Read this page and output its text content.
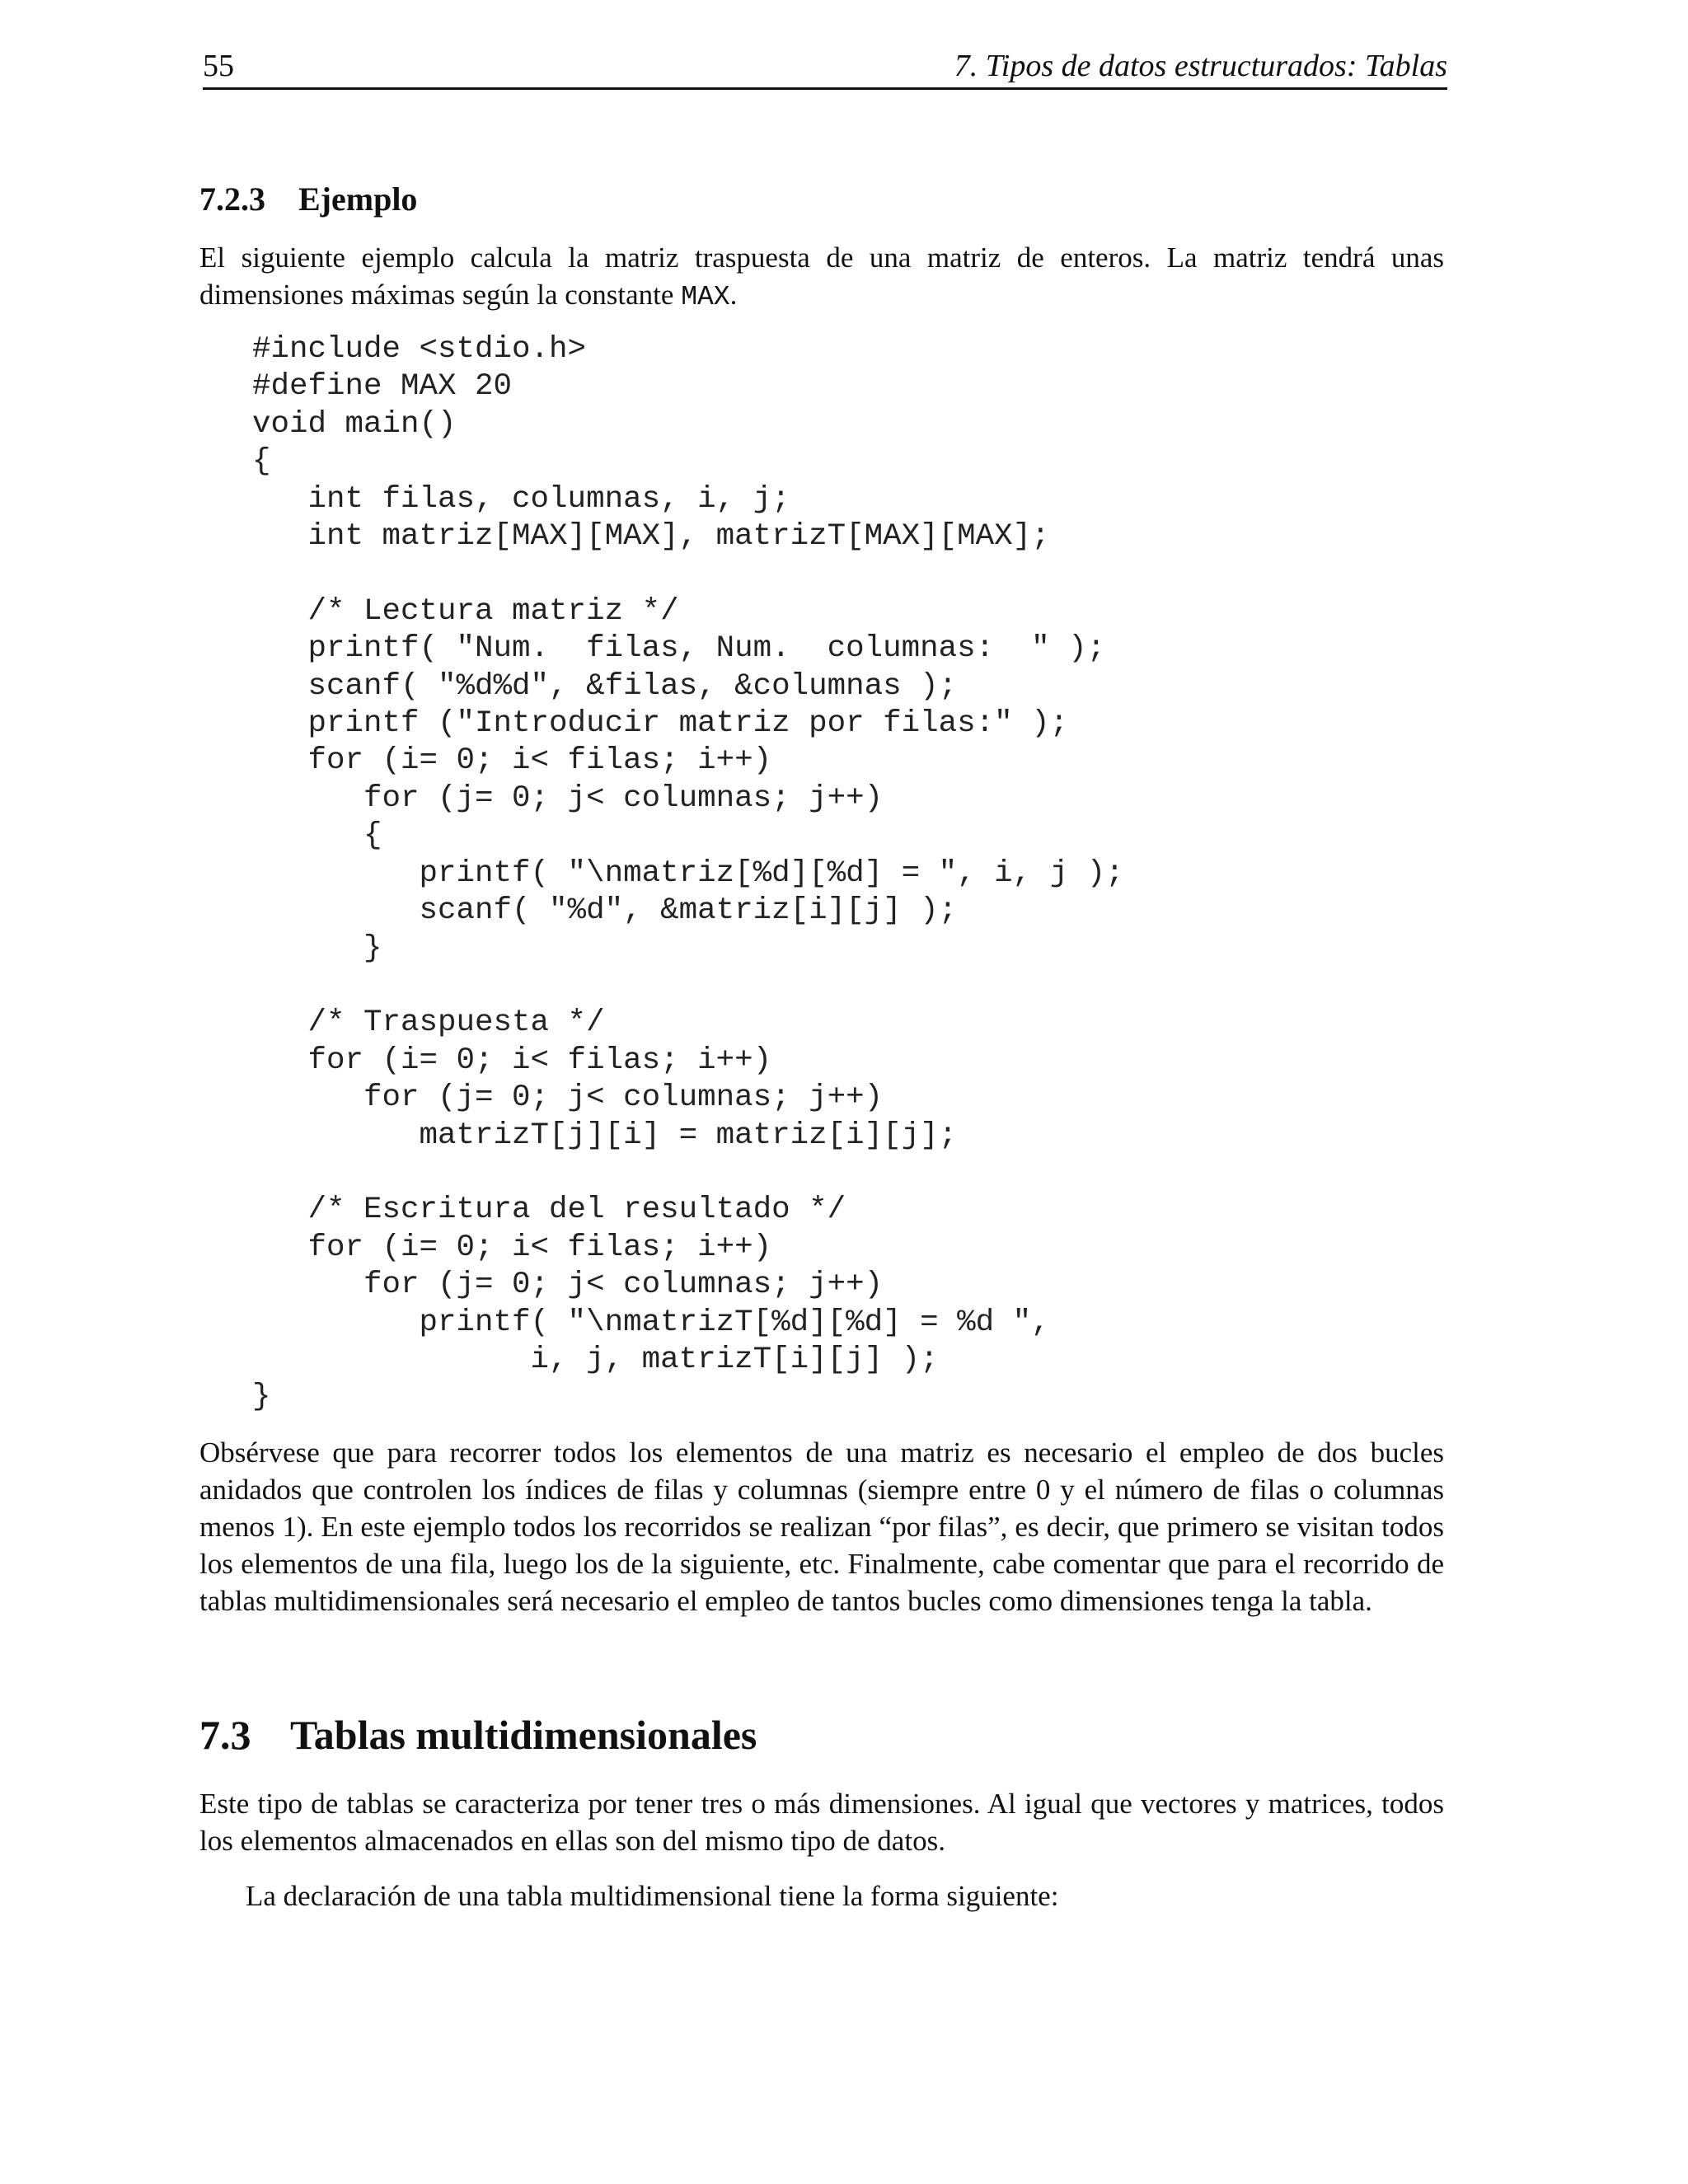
55	7. Tipos de datos estructurados: Tablas
7.2.3 Ejemplo

El siguiente ejemplo calcula la matriz traspuesta de una matriz de enteros. La matriz tendrá unas dimensiones máximas según la constante MAX.

#include <stdio.h>
#define MAX 20
void main()
{
int filas, columnas, i, j;
int matriz[MAX][MAX], matrizT[MAX][MAX];

/* Lectura matriz */
printf( "Num.  filas, Num.  columnas:  " );
scanf( "%d%d", &filas, &columnas );
printf ("Introducir matriz por filas:" );
for (i= 0; i< filas; i++)
for (j= 0; j< columnas; j++)
{
printf( "\nmatriz[%d][%d] = ", i, j );
scanf( "%d", &matriz[i][j] );
}

/* Traspuesta */
for (i= 0; i< filas; i++)
for (j= 0; j< columnas; j++)
matrizT[j][i] = matriz[i][j];

/* Escritura del resultado */
for (i= 0; i< filas; i++)
for (j= 0; j< columnas; j++)
printf( "\nmatrizT[%d][%d] = %d ",
i, j, matrizT[i][j] );
}

Obsérvese que para recorrer todos los elementos de una matriz es necesario el empleo de dos bucles anidados que controlen los índices de filas y columnas (siempre entre 0 y el número de filas o columnas menos 1). En este ejemplo todos los recorridos se realizan “por filas”, es decir, que primero se visitan todos los elementos de una fila, luego los de la siguiente, etc. Finalmente, cabe comentar que para el recorrido de tablas multidimensionales será necesario el empleo de tantos bucles como dimensiones tenga la tabla.

7.3 Tablas multidimensionales

Este tipo de tablas se caracteriza por tener tres o más dimensiones. Al igual que vectores y matrices, todos los elementos almacenados en ellas son del mismo tipo de datos.

La declaración de una tabla multidimensional tiene la forma siguiente:
